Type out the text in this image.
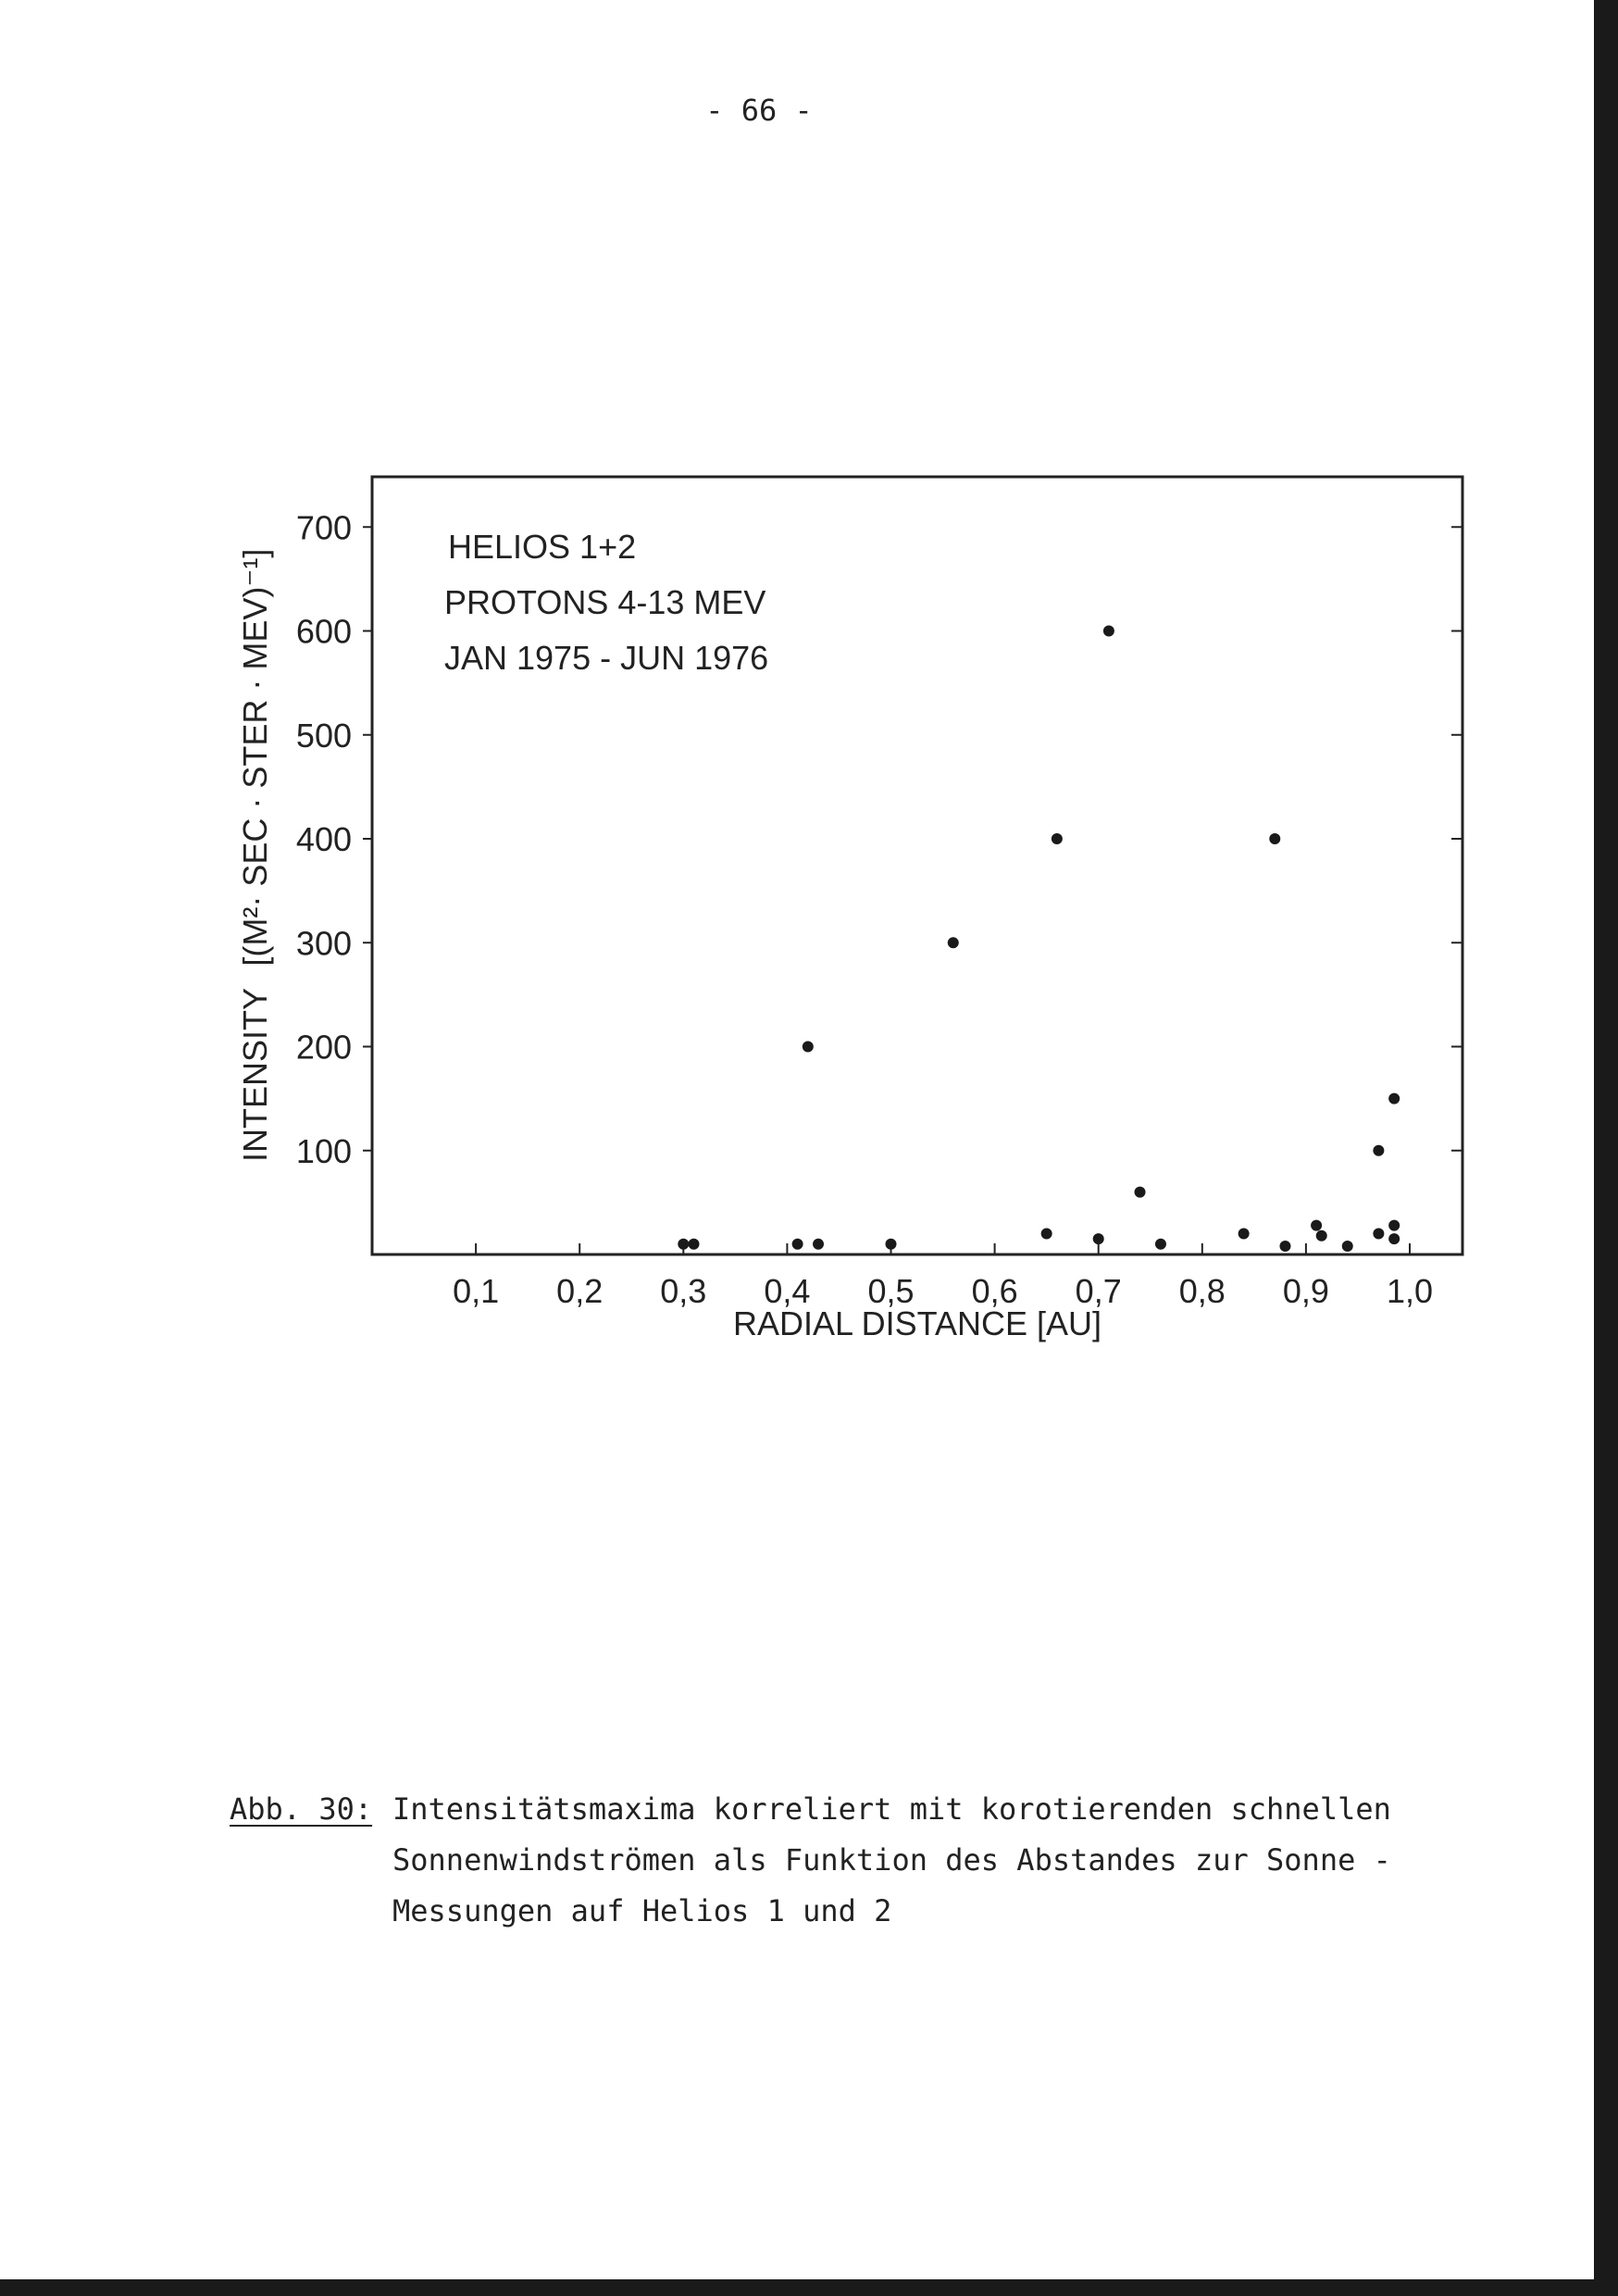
- 66 -
0,1 0,2 0,3 0,4 0,5 0,6 0,7 0,8 0,9 1,0
100
200
300
400
500
600
700
HELIOS 1+2
PROTONS 4-13 MEV
JAN 1975 - JUN 1976
RADIAL DISTANCE [AU]
INTENSITY [(M²· SEC · STER · MEV)⁻¹]
Abb. 30: Intensitätsmaxima korreliert mit korotierenden schnellen
Sonnenwindströmen als Funktion des Abstandes zur Sonne -
Messungen auf Helios 1 und 2
